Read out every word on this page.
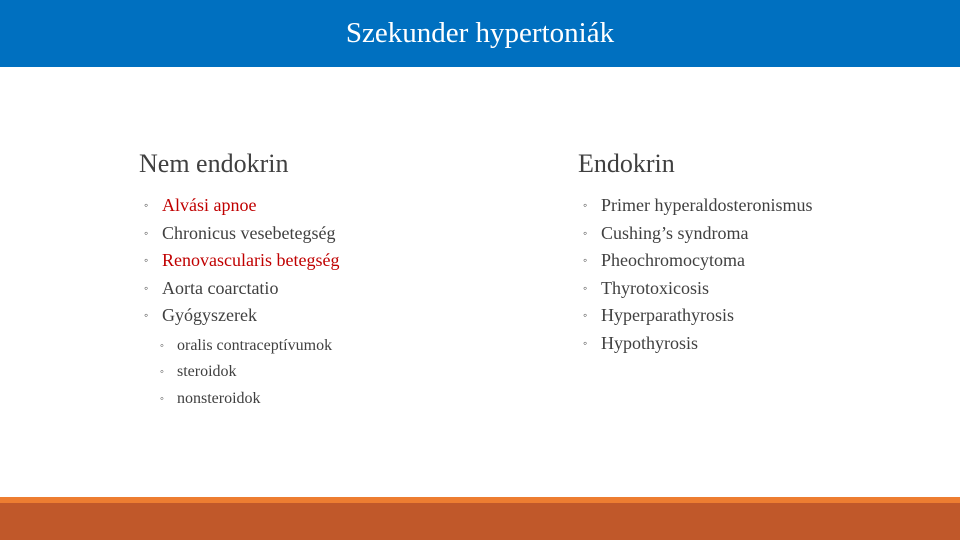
Szekunder hypertoniák
Nem endokrin
◦ Alvási apnoe
◦ Chronicus vesebetegség
◦ Renovascularis betegség
◦ Aorta coarctatio
◦ Gyógyszerek
◦ oralis contraceptívumok
◦ steroidok
◦ nonsteroidok
Endokrin
◦ Primer hyperaldosteronismus
◦ Cushing’s syndroma
◦ Pheochromocytoma
◦ Thyrotoxicosis
◦ Hyperparathyrosis
◦ Hypothyrosis
